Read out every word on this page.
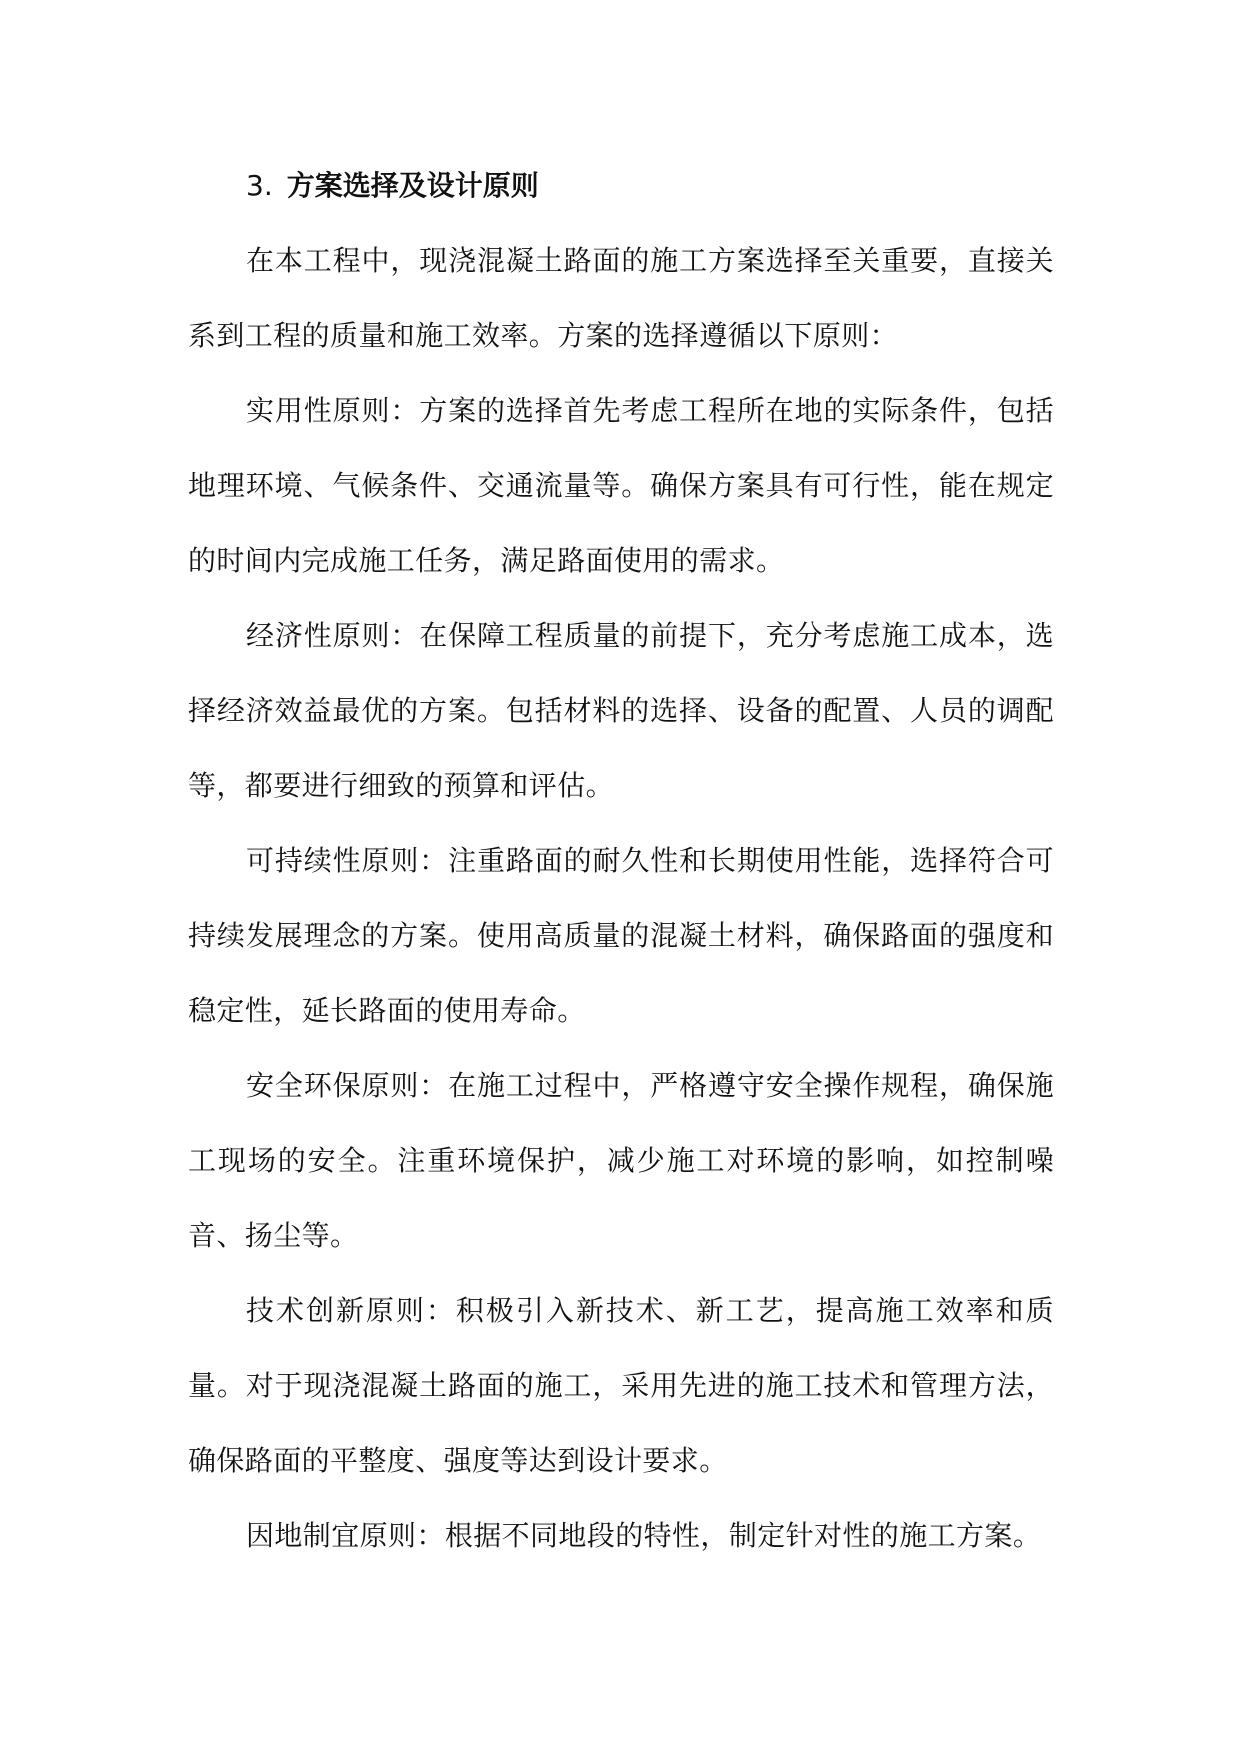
3. 方案选择及设计原则

在本工程中，现浇混凝土路面的施工方案选择至关重要，直接关系到工程的质量和施工效率。方案的选择遵循以下原则：

实用性原则：方案的选择首先考虑工程所在地的实际条件，包括地理环境、气候条件、交通流量等。确保方案具有可行性，能在规定的时间内完成施工任务，满足路面使用的需求。

经济性原则：在保障工程质量的前提下，充分考虑施工成本，选择经济效益最优的方案。包括材料的选择、设备的配置、人员的调配等，都要进行细致的预算和评估。

可持续性原则：注重路面的耐久性和长期使用性能，选择符合可持续发展理念的方案。使用高质量的混凝土材料，确保路面的强度和稳定性，延长路面的使用寿命。

安全环保原则：在施工过程中，严格遵守安全操作规程，确保施工现场的安全。注重环境保护，减少施工对环境的影响，如控制噪音、扬尘等。

技术创新原则：积极引入新技术、新工艺，提高施工效率和质量。对于现浇混凝土路面的施工，采用先进的施工技术和管理方法，确保路面的平整度、强度等达到设计要求。

因地制宜原则：根据不同地段的特性，制定针对性的施工方案。
